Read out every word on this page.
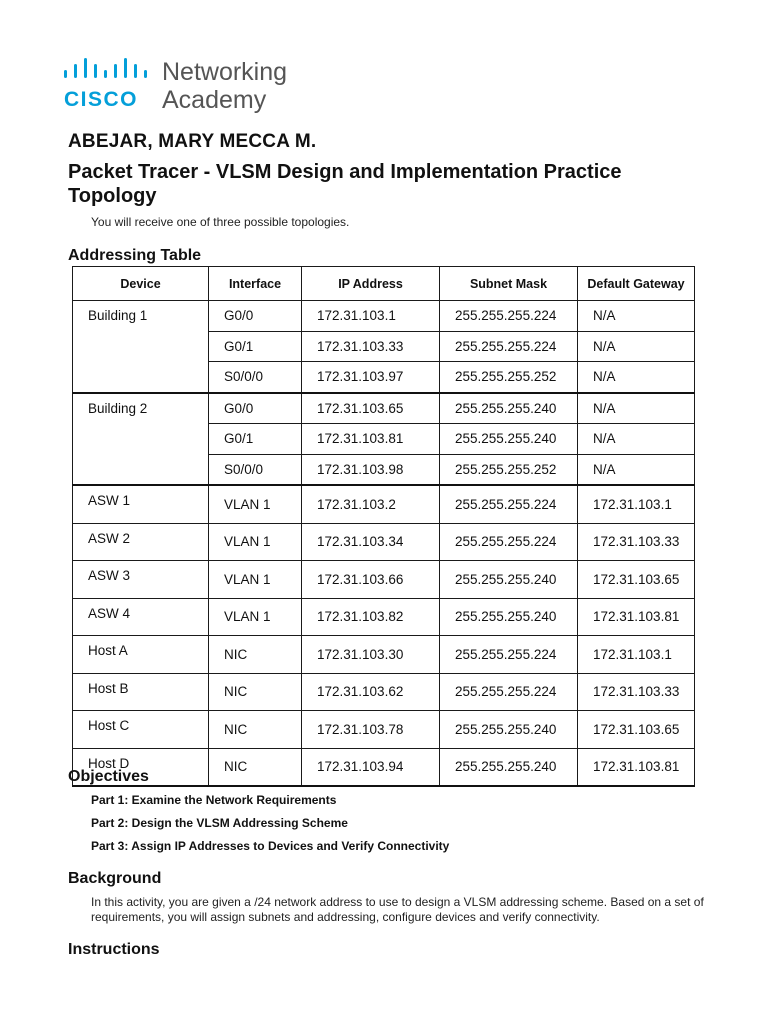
CISCO
Networking
Academy
ABEJAR, MARY MECCA M.
Packet Tracer - VLSM Design and Implementation Practice Topology
You will receive one of three possible topologies.
Addressing Table
Device	Interface	IP Address	Subnet Mask	Default Gateway
Building 1	G0/0	172.31.103.1	255.255.255.224	N/A
	G0/1	172.31.103.33	255.255.255.224	N/A
	S0/0/0	172.31.103.97	255.255.255.252	N/A
Building 2	G0/0	172.31.103.65	255.255.255.240	N/A
	G0/1	172.31.103.81	255.255.255.240	N/A
	S0/0/0	172.31.103.98	255.255.255.252	N/A
ASW 1	VLAN 1	172.31.103.2	255.255.255.224	172.31.103.1
ASW 2	VLAN 1	172.31.103.34	255.255.255.224	172.31.103.33
ASW 3	VLAN 1	172.31.103.66	255.255.255.240	172.31.103.65
ASW 4	VLAN 1	172.31.103.82	255.255.255.240	172.31.103.81
Host A	NIC	172.31.103.30	255.255.255.224	172.31.103.1
Host B	NIC	172.31.103.62	255.255.255.224	172.31.103.33
Host C	NIC	172.31.103.78	255.255.255.240	172.31.103.65
Host D	NIC	172.31.103.94	255.255.255.240	172.31.103.81
Objectives
Part 1: Examine the Network Requirements
Part 2: Design the VLSM Addressing Scheme
Part 3: Assign IP Addresses to Devices and Verify Connectivity
Background
In this activity, you are given a /24 network address to use to design a VLSM addressing scheme. Based on a set of requirements, you will assign subnets and addressing, configure devices and verify connectivity.
Instructions
